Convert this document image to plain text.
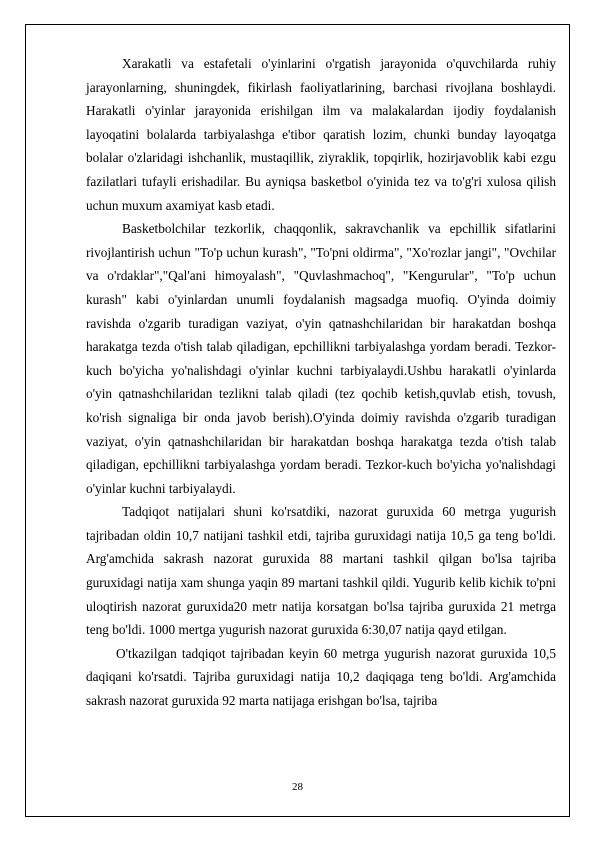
Xarakatli va estafetali o'yinlarini o'rgatish jarayonida o'quvchilarda ruhiy jarayonlarning, shuningdek, fikirlash faoliyatlarining, barchasi rivojlana boshlaydi. Harakatli o'yinlar jarayonida erishilgan ilm va malakalardan ijodiy foydalanish layoqatini bolalarda tarbiyalashga e'tibor qaratish lozim, chunki bunday layoqatga bolalar o'zlaridagi ishchanlik, mustaqillik, ziyraklik, topqirlik, hozirjavoblik kabi ezgu fazilatlari tufayli erishadilar. Bu ayniqsa basketbol o'yinida tez va to'g'ri xulosa qilish uchun muxum axamiyat kasb etadi.

Basketbolchilar tezkorlik, chaqqonlik, sakravchanlik va epchillik sifatlarini rivojlantirish uchun "To'p uchun kurash", "To'pni oldirma", "Xo'rozlar jangi", "Ovchilar va o'rdaklar","Qal'ani himoyalash", "Quvlashmachoq", "Kengurular", "To'p uchun kurash" kabi o'yinlardan unumli foydalanish magsadga muofiq. O'yinda doimiy ravishda o'zgarib turadigan vaziyat, o'yin qatnashchilaridan bir harakatdan boshqa harakatga tezda o'tish talab qiladigan, epchillikni tarbiyalashga yordam beradi. Tezkor-kuch bo'yicha yo'nalishdagi o'yinlar kuchni tarbiyalaydi.Ushbu harakatli o'yinlarda o'yin qatnashchilaridan tezlikni talab qiladi (tez qochib ketish,quvlab etish, tovush, ko'rish signaliga bir onda javob berish).O'yinda doimiy ravishda o'zgarib turadigan vaziyat, o'yin qatnashchilaridan bir harakatdan boshqa harakatga tezda o'tish talab qiladigan, epchillikni tarbiyalashga yordam beradi. Tezkor-kuch bo'yicha yo'nalishdagi o'yinlar kuchni tarbiyalaydi.

Tadqiqot natijalari shuni ko'rsatdiki, nazorat guruxida 60 metrga yugurish tajribadan oldin 10,7 natijani tashkil etdi, tajriba guruxidagi natija 10,5 ga teng bo'ldi. Arg'amchida sakrash nazorat guruxida 88 martani tashkil qilgan bo'lsa tajriba guruxidagi natija xam shunga yaqin 89 martani tashkil qildi. Yugurib kelib kichik to'pni uloqtirish nazorat guruxida20 metr natija korsatgan bo'lsa tajriba guruxida 21 metrga teng bo'ldi. 1000 mertga yugurish nazorat guruxida 6:30,07 natija qayd etilgan.

O'tkazilgan tadqiqot tajribadan keyin 60 metrga yugurish nazorat guruxida 10,5 daqiqani ko'rsatdi. Tajriba guruxidagi natija 10,2 daqiqaga teng bo'ldi. Arg'amchida sakrash nazorat guruxida 92 marta natijaga erishgan bo'lsa, tajriba

28
